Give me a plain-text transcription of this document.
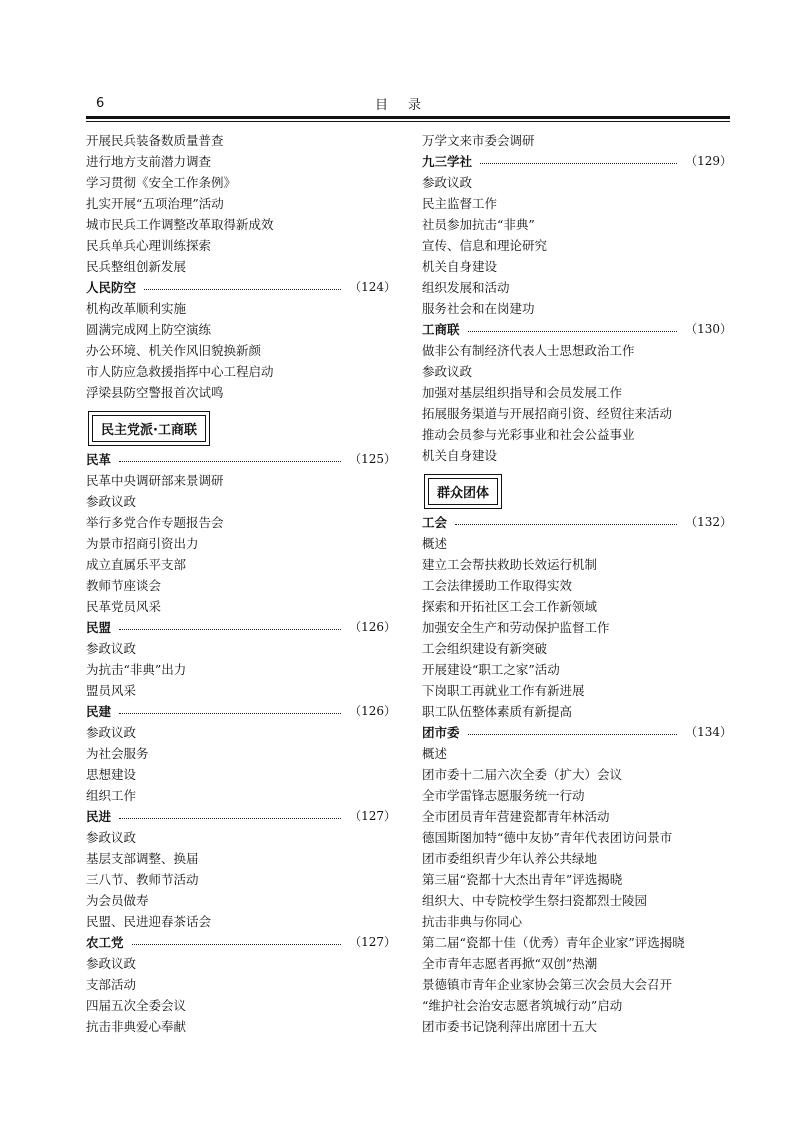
6	目录
开展民兵装备数质量普查
进行地方支前潜力调查
学习贯彻《安全工作条例》
扎实开展“五项治理”活动
城市民兵工作调整改革取得新成效
民兵单兵心理训练探索
民兵整组创新发展
人民防空	（124）
机构改革顺利实施
圆满完成网上防空演练
办公环境、机关作风旧貌换新颜
市人防应急救援指挥中心工程启动
浮梁县防空警报首次试鸣
民主党派·工商联
民革	（125）
民革中央调研部来景调研
参政议政
举行多党合作专题报告会
为景市招商引资出力
成立直属乐平支部
教师节座谈会
民革党员风采
民盟	（126）
参政议政
为抗击“非典”出力
盟员风采
民建	（126）
参政议政
为社会服务
思想建设
组织工作
民进	（127）
参政议政
基层支部调整、换届
三八节、教师节活动
为会员做寿
民盟、民进迎春茶话会
农工党	（127）
参政议政
支部活动
四届五次全委会议
抗击非典爱心奉献
万学文来市委会调研
九三学社	（129）
参政议政
民主监督工作
社员参加抗击“非典”
宣传、信息和理论研究
机关自身建设
组织发展和活动
服务社会和在岗建功
工商联	（130）
做非公有制经济代表人士思想政治工作
参政议政
加强对基层组织指导和会员发展工作
拓展服务渠道与开展招商引资、经贸往来活动
推动会员参与光彩事业和社会公益事业
机关自身建设
群众团体
工会	（132）
概述
建立工会帮扶救助长效运行机制
工会法律援助工作取得实效
探索和开拓社区工会工作新领域
加强安全生产和劳动保护监督工作
工会组织建设有新突破
开展建设“职工之家”活动
下岗职工再就业工作有新进展
职工队伍整体素质有新提高
团市委	（134）
概述
团市委十二届六次全委（扩大）会议
全市学雷锋志愿服务统一行动
全市团员青年营建瓷都青年林活动
德国斯图加特“德中友协”青年代表团访问景市
团市委组织青少年认养公共绿地
第三届“瓷都十大杰出青年”评选揭晓
组织大、中专院校学生祭扫瓷都烈士陵园
抗击非典与你同心
第二届“瓷都十佳（优秀）青年企业家”评选揭晓
全市青年志愿者再掀“双创”热潮
景德镇市青年企业家协会第三次会员大会召开
“维护社会治安志愿者筑城行动”启动
团市委书记饶利萍出席团十五大
